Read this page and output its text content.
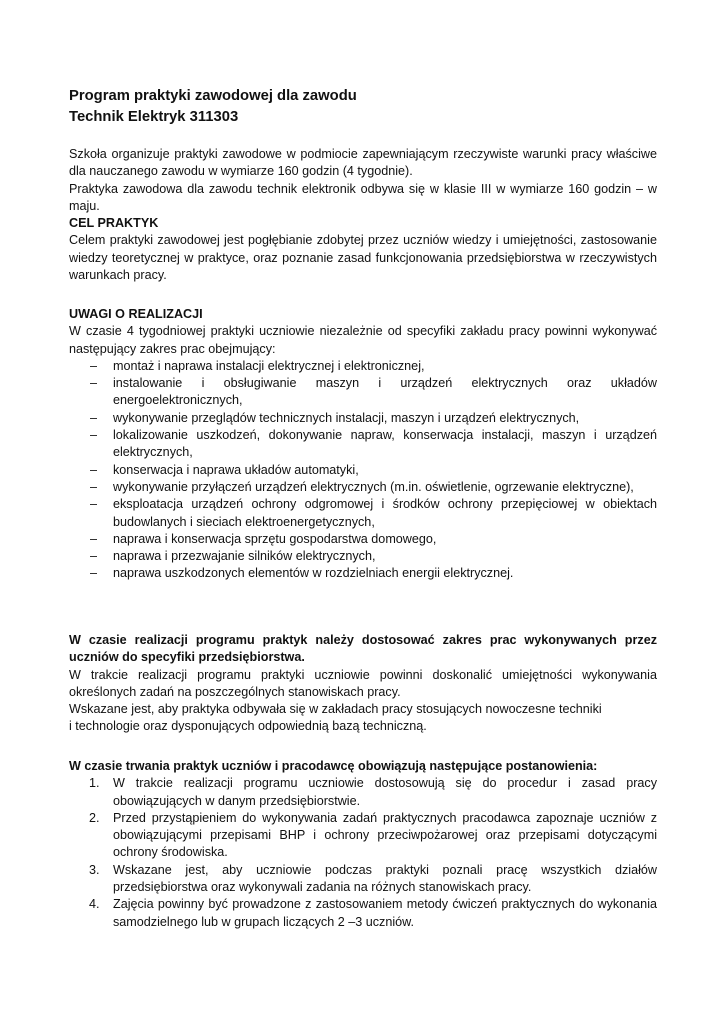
Program praktyki zawodowej dla zawodu
Technik Elektryk 311303
Szkoła organizuje praktyki zawodowe w podmiocie zapewniającym rzeczywiste warunki pracy właściwe dla nauczanego zawodu w wymiarze 160 godzin (4 tygodnie).
Praktyka zawodowa dla zawodu technik elektronik odbywa się w klasie III w wymiarze 160 godzin – w maju.
CEL PRAKTYK
Celem praktyki zawodowej jest pogłębianie zdobytej przez uczniów wiedzy i umiejętności, zastosowanie wiedzy teoretycznej w praktyce, oraz poznanie zasad funkcjonowania przedsiębiorstwa w rzeczywistych warunkach pracy.
UWAGI O REALIZACJI
W czasie 4 tygodniowej praktyki uczniowie niezależnie od specyfiki zakładu pracy powinni wykonywać następujący zakres prac obejmujący:
– montaż i naprawa instalacji elektrycznej i elektronicznej,
– instalowanie i obsługiwanie maszyn i urządzeń elektrycznych oraz układów energoelektronicznych,
– wykonywanie przeglądów technicznych instalacji, maszyn i urządzeń elektrycznych,
– lokalizowanie uszkodzeń, dokonywanie napraw, konserwacja instalacji, maszyn i urządzeń elektrycznych,
– konserwacja i naprawa układów automatyki,
– wykonywanie przyłączeń urządzeń elektrycznych (m.in. oświetlenie, ogrzewanie elektryczne),
– eksploatacja urządzeń ochrony odgromowej i środków ochrony przepięciowej w obiektach budowlanych i sieciach elektroenergetycznych,
– naprawa i konserwacja sprzętu gospodarstwa domowego,
– naprawa i przezwajanie silników elektrycznych,
– naprawa uszkodzonych elementów w rozdzielniach energii elektrycznej.
W czasie realizacji programu praktyk należy dostosować zakres prac wykonywanych przez uczniów do specyfiki przedsiębiorstwa.
W trakcie realizacji programu praktyki uczniowie powinni doskonalić umiejętności wykonywania określonych zadań na poszczególnych stanowiskach pracy.
Wskazane jest, aby praktyka odbywała się w zakładach pracy stosujących nowoczesne techniki
i technologie oraz dysponujących odpowiednią bazą techniczną.
W czasie trwania praktyk uczniów i pracodawcę obowiązują następujące postanowienia:
1. W trakcie realizacji programu uczniowie dostosowują się do procedur i zasad pracy obowiązujących w danym przedsiębiorstwie.
2. Przed przystąpieniem do wykonywania zadań praktycznych pracodawca zapoznaje uczniów z obowiązującymi przepisami BHP i ochrony przeciwpożarowej oraz przepisami dotyczącymi ochrony środowiska.
3. Wskazane jest, aby uczniowie podczas praktyki poznali pracę wszystkich działów przedsiębiorstwa oraz wykonywali zadania na różnych stanowiskach pracy.
4. Zajęcia powinny być prowadzone z zastosowaniem metody ćwiczeń praktycznych do wykonania samodzielnego lub w grupach liczących 2 –3 uczniów.
